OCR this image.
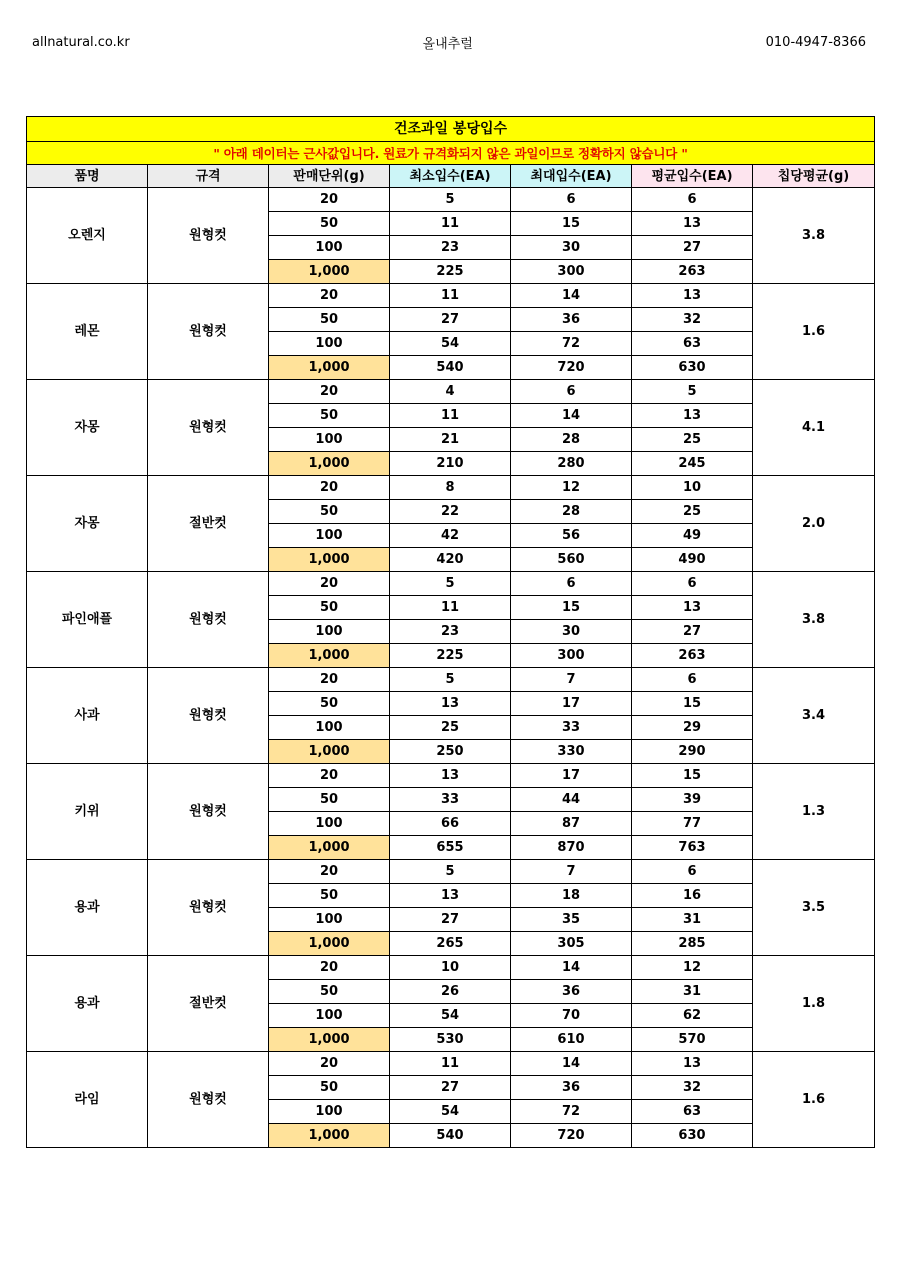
allnatural.co.kr	올내추럴	010-4947-8366
건조과일 봉당입수						
" 아래 데이터는 근사값입니다. 원료가 규격화되지 않은 과일이므로 정확하지 않습니다 "						
품명	규격	판매단위(g)	최소입수(EA)	최대입수(EA)	평균입수(EA)	칩당평균(g)
오렌지	원형컷	20	5	6	6	3.8
		50	11	15	13	
		100	23	30	27	
		1,000	225	300	263	
레몬	원형컷	20	11	14	13	1.6
		50	27	36	32	
		100	54	72	63	
		1,000	540	720	630	
자몽	원형컷	20	4	6	5	4.1
		50	11	14	13	
		100	21	28	25	
		1,000	210	280	245	
자몽	절반컷	20	8	12	10	2.0
		50	22	28	25	
		100	42	56	49	
		1,000	420	560	490	
파인애플	원형컷	20	5	6	6	3.8
		50	11	15	13	
		100	23	30	27	
		1,000	225	300	263	
사과	원형컷	20	5	7	6	3.4
		50	13	17	15	
		100	25	33	29	
		1,000	250	330	290	
키위	원형컷	20	13	17	15	1.3
		50	33	44	39	
		100	66	87	77	
		1,000	655	870	763	
용과	원형컷	20	5	7	6	3.5
		50	13	18	16	
		100	27	35	31	
		1,000	265	305	285	
용과	절반컷	20	10	14	12	1.8
		50	26	36	31	
		100	54	70	62	
		1,000	530	610	570	
라임	원형컷	20	11	14	13	1.6
		50	27	36	32	
		100	54	72	63	
		1,000	540	720	630	
